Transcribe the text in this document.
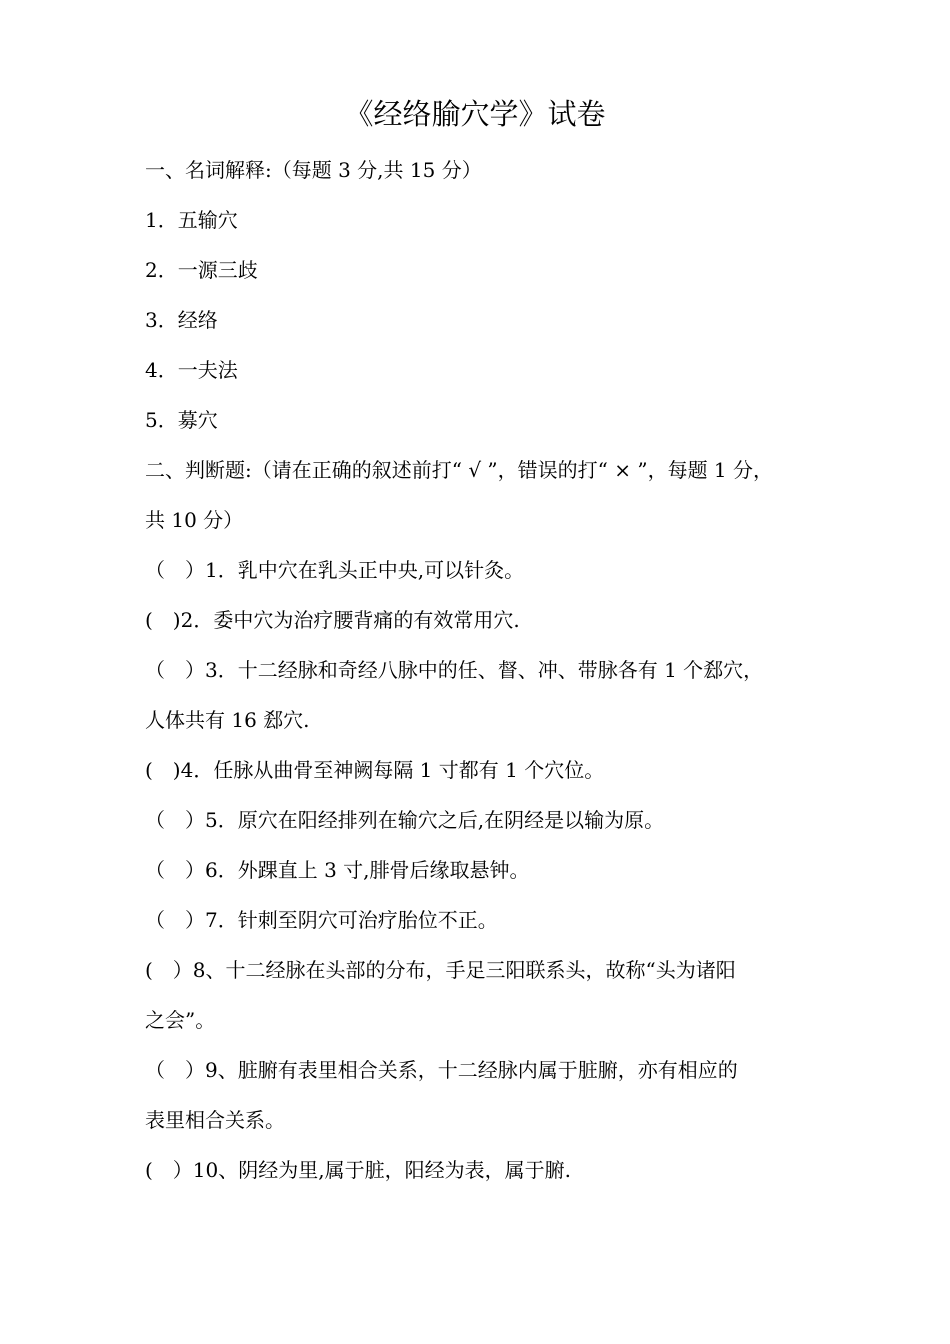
《经络腧穴学》试卷
一、名词解释:（每题 3 分,共 15 分）
1．五输穴
2．一源三歧
3．经络
4．一夫法
5．募穴
二、判断题:（请在正确的叙述前打“ √ ”，错误的打“ × ”，每题 1 分，
共 10 分）
（　）1．乳中穴在乳头正中央,可以针灸。
(　)2．委中穴为治疗腰背痛的有效常用穴.
（　）3．十二经脉和奇经八脉中的任、督、冲、带脉各有 1 个郄穴，
人体共有 16 郄穴.
(　)4．任脉从曲骨至神阙每隔 1 寸都有 1 个穴位。
（　）5．原穴在阳经排列在输穴之后,在阴经是以输为原。
（　）6．外踝直上 3 寸,腓骨后缘取悬钟。
（　）7．针刺至阴穴可治疗胎位不正。
(　）8、十二经脉在头部的分布，手足三阳联系头，故称“头为诸阳
之会”。
（　）9、脏腑有表里相合关系，十二经脉内属于脏腑，亦有相应的
表里相合关系。
(　）10、阴经为里,属于脏，阳经为表，属于腑.
